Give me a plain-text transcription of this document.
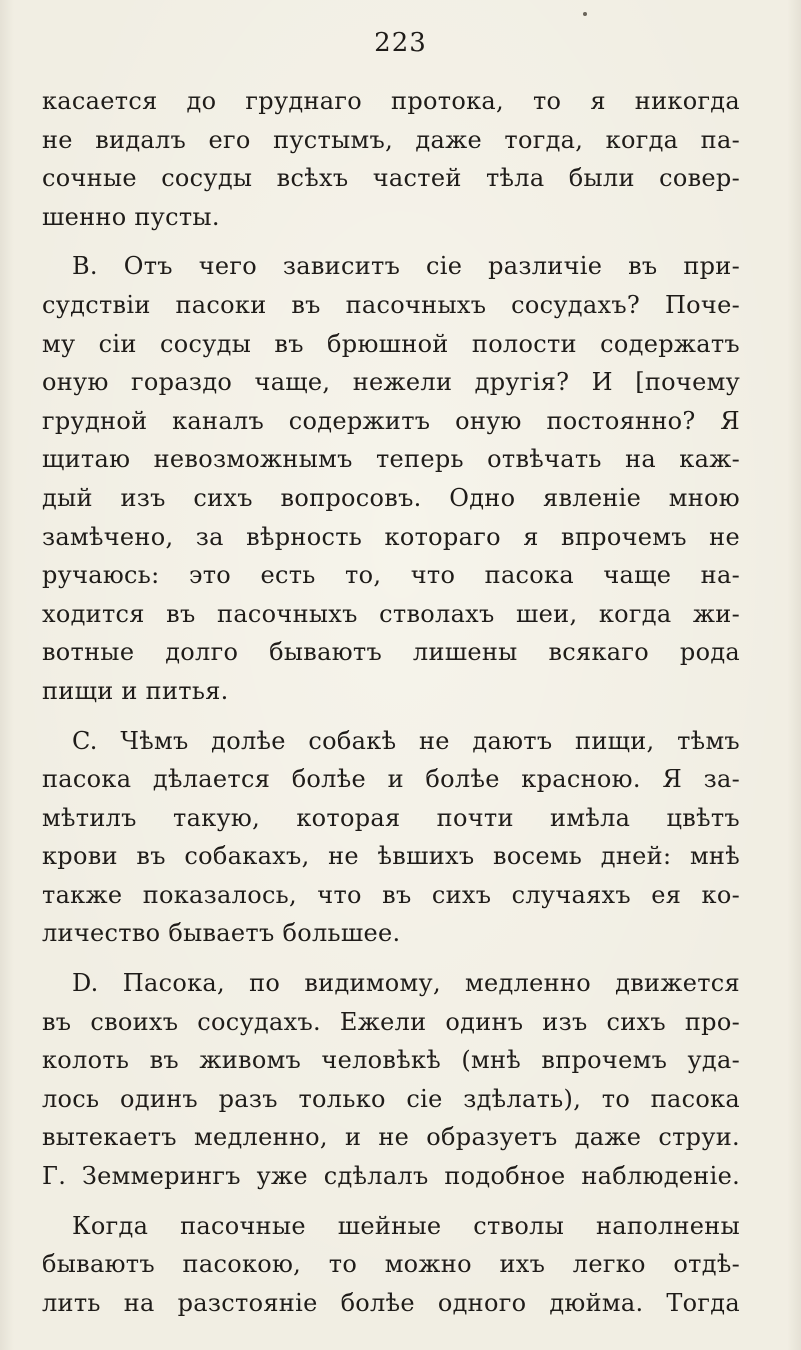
223
касается до груднаго протока, то я никогда
не видалъ его пустымъ, даже тогда, когда па-
сочные сосуды всѣхъ частей тѣла были совер-
шенно пусты.
B. Отъ чего зависитъ сіе различіе въ при-
судствіи пасоки въ пасочныхъ сосудахъ? Поче-
му сіи сосуды въ брюшной полости содержатъ
оную гораздо чаще, нежели другія? И [почему
грудной каналъ содержитъ оную постоянно? Я
щитаю невозможнымъ теперь отвѣчать на каж-
дый изъ сихъ вопросовъ. Одно явленіе мною
замѣчено, за вѣрность котораго я впрочемъ не
ручаюсь: это есть то, что пасока чаще на-
ходится въ пасочныхъ стволахъ шеи, когда жи-
вотные долго бываютъ лишены всякаго рода
пищи и питья.
C. Чѣмъ долѣе собакѣ не даютъ пищи, тѣмъ
пасока дѣлается болѣе и болѣе красною. Я за-
мѣтилъ такую, которая почти имѣла цвѣтъ
крови въ собакахъ, не ѣвшихъ восемь дней: мнѣ
также показалось, что въ сихъ случаяхъ ея ко-
личество бываетъ большее.
D. Пасока, по видимому, медленно движется
въ своихъ сосудахъ. Ежели одинъ изъ сихъ про-
колоть въ живомъ человѣкѣ (мнѣ впрочемъ уда-
лось одинъ разъ только сіе здѣлать), то пасока
вытекаетъ медленно, и не образуетъ даже струи.
Г. Земмерингъ уже сдѣлалъ подобное наблюденіе.
Когда пасочные шейные стволы наполнены
бываютъ пасокою, то можно ихъ легко отдѣ-
лить на разстояніе болѣе одного дюйма. Тогда
